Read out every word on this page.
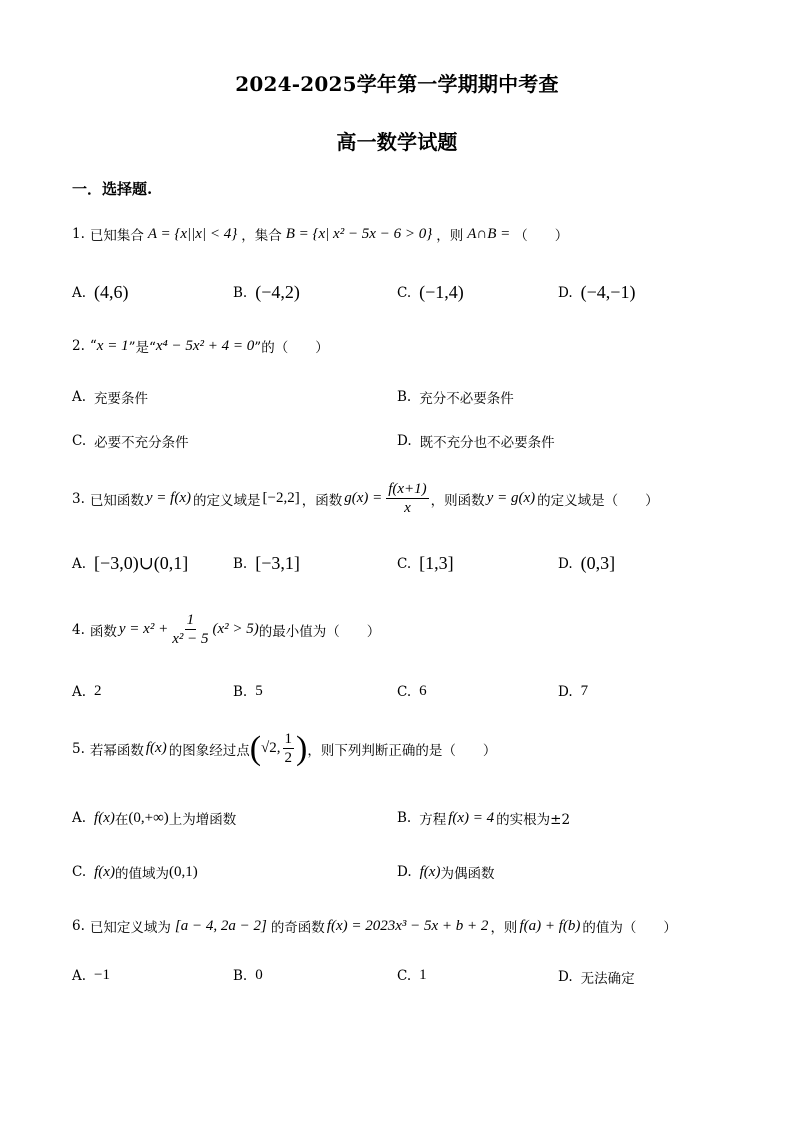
2024-2025学年第一学期期中考查
高一数学试题
一．选择题.
1. 已知集合 A = {x||x| < 4} ，集合 B = {x| x² − 5x − 6 > 0} ，则 A∩B = （　　）
A. (4,6)	B. (−4,2)	C. (−1,4)	D. (−4,−1)
2. “ x = 1 ”是“ x⁴ − 5x² + 4 = 0 ”的（　　）
A. 充要条件	B. 充分不必要条件
C. 必要不充分条件	D. 既不充分也不必要条件
3. 已知函数 y = f(x) 的定义域是 [−2,2] ，函数 $g(x) = \frac{f(x+1)}{x}$ ，则函数 y = g(x) 的定义域是（　　）
A. [−3,0)∪(0,1]	B. [−3,1]	C. [1,3]	D. (0,3]
4. 函数 $y = x^2 + \frac{1}{\text{x² − 5}} (x^2 > 5)$ 的最小值为（　　）
A. 2	B. 5	C. 6	D. 7
5. 若幂函数 f(x) 的图象经过点 ( √2, $\frac{1}{2}$ ) ，则下列判断正确的是（　　）
A. f(x) 在 (0,+∞) 上为增函数	B. 方程 f(x) = 4 的实根为±2
C. f(x) 的值域为 (0,1)	D. f(x) 为偶函数
6. 已知定义域为 [a − 4, 2a − 2] 的奇函数 f(x) = 2023x³ − 5x + b + 2 ，则 f(a) + f(b) 的值为（　　）
A. −1	B. 0	C. 1	D. 无法确定
